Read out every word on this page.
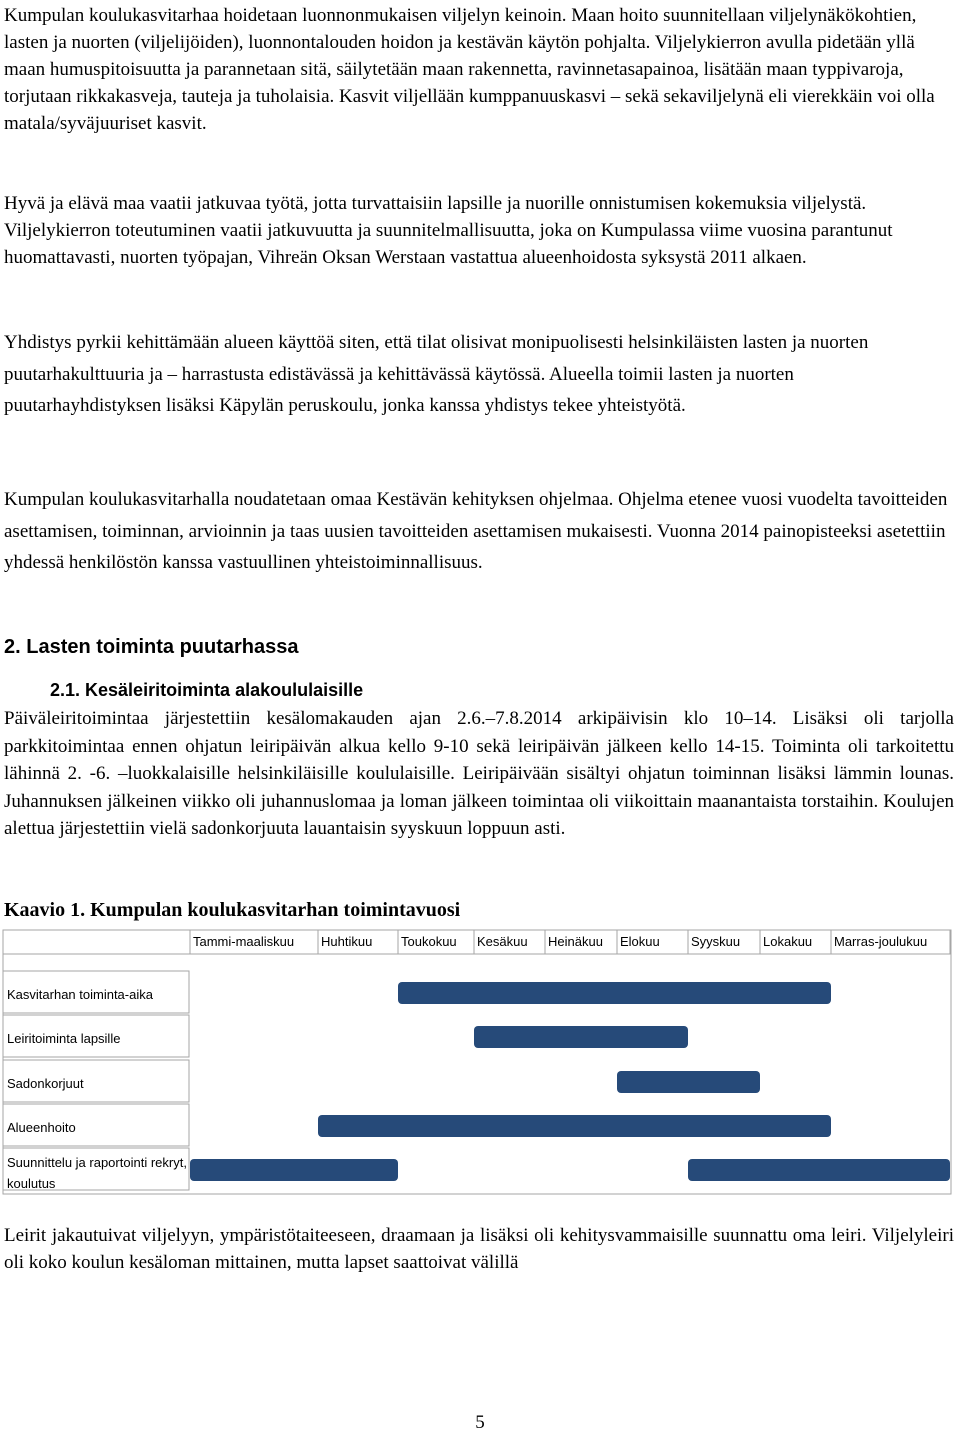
Kumpulan koulukasvitarhaa hoidetaan luonnonmukaisen viljelyn keinoin. Maan hoito suunnitellaan viljelynäkökohtien, lasten ja nuorten (viljelijöiden), luonnontalouden hoidon ja kestävän käytön pohjalta. Viljelykierron avulla pidetään yllä maan humuspitoisuutta ja parannetaan sitä, säilytetään maan rakennetta, ravinnetasapainoa, lisätään maan typpivaroja, torjutaan rikkakasveja, tauteja ja tuholaisia. Kasvit viljellään kumppanuuskasvi – sekä sekaviljelynä eli vierekkäin voi olla matala/syväjuuriset kasvit.
Hyvä ja elävä maa vaatii jatkuvaa työtä, jotta turvattaisiin lapsille ja nuorille onnistumisen kokemuksia viljelystä. Viljelykierron toteutuminen vaatii jatkuvuutta ja suunnitelmallisuutta, joka on Kumpulassa viime vuosina parantunut huomattavasti, nuorten työpajan, Vihreän Oksan Werstaan vastattua alueenhoidosta syksystä 2011 alkaen.
Yhdistys pyrkii kehittämään alueen käyttöä siten, että tilat olisivat monipuolisesti helsinkiläisten lasten ja nuorten puutarhakulttuuria ja – harrastusta edistävässä ja kehittävässä käytössä. Alueella toimii lasten ja nuorten puutarhayhdistyksen lisäksi Käpylän peruskoulu, jonka kanssa yhdistys tekee yhteistyötä.
Kumpulan koulukasvitarhalla noudatetaan omaa Kestävän kehityksen ohjelmaa. Ohjelma etenee vuosi vuodelta tavoitteiden asettamisen, toiminnan, arvioinnin ja taas uusien tavoitteiden asettamisen mukaisesti. Vuonna 2014 painopisteeksi asetettiin yhdessä henkilöstön kanssa vastuullinen yhteistoiminnallisuus.
2. Lasten toiminta puutarhassa
2.1. Kesäleiritoiminta alakoululaisille
Päiväleiritoimintaa järjestettiin kesälomakauden ajan 2.6.–7.8.2014 arkipäivisin klo 10–14. Lisäksi oli tarjolla parkkitoimintaa ennen ohjatun leiripäivän alkua kello 9-10 sekä leiripäivän jälkeen kello 14-15. Toiminta oli tarkoitettu lähinnä 2. -6. –luokkalaisille helsinkiläisille koululaisille. Leiripäivään sisältyi ohjatun toiminnan lisäksi lämmin lounas. Juhannuksen jälkeinen viikko oli juhannuslomaa ja loman jälkeen toimintaa oli viikoittain maanantaista torstaihin. Koulujen alettua järjestettiin vielä sadonkorjuuta lauantaisin syyskuun loppuun asti.
Kaavio 1. Kumpulan koulukasvitarhan toimintavuosi
Tammi-maaliskuu Huhtikuu Toukokuu Kesäkuu Heinäkuu Elokuu Syyskuu Lokakuu Marras-joulukuu
Kasvitarhan toiminta-aika
Leiritoiminta lapsille
Sadonkorjuut
Alueenhoito
Suunnittelu ja raportointi rekryt,
koulutus
Leirit jakautuivat viljelyyn, ympäristötaiteeseen, draamaan ja lisäksi oli kehitysvammaisille suunnattu oma leiri. Viljelyleiri oli koko koulun kesäloman mittainen, mutta lapset saattoivat välillä
5
